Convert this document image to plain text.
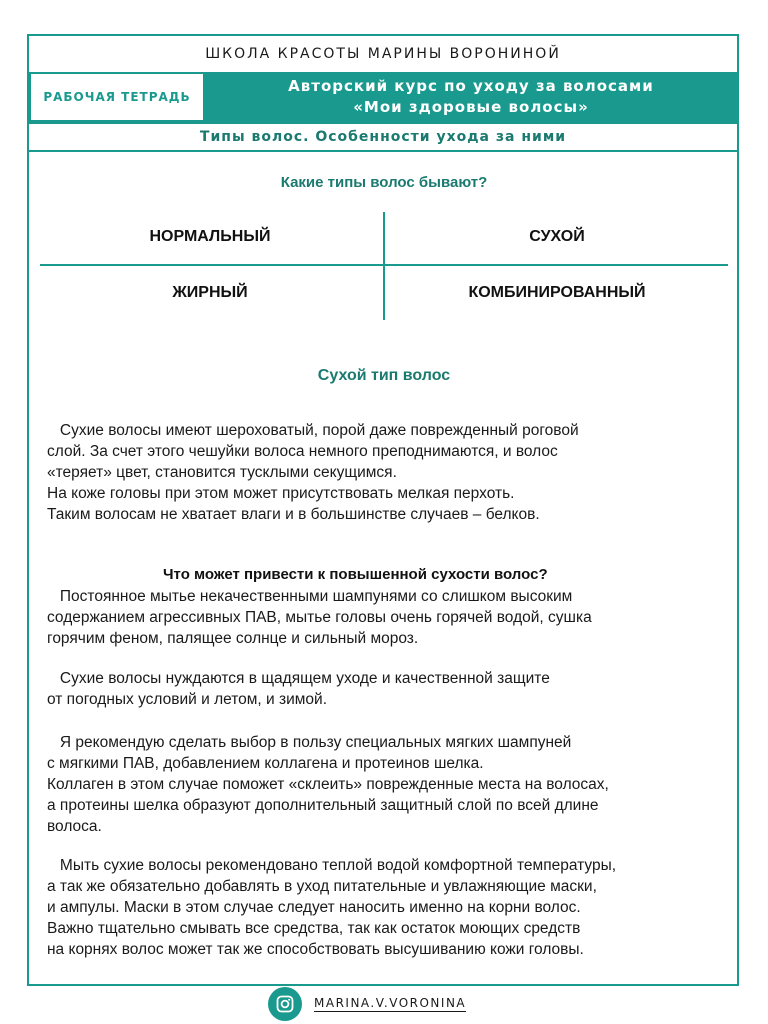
ШКОЛА КРАСОТЫ МАРИНЫ ВОРОНИНОЙ
РАБОЧАЯ ТЕТРАДЬ
Авторский курс по уходу за волосами
«Мои здоровые волосы»
Типы волос. Особенности ухода за ними
Какие типы волос бывают?
НОРМАЛЬНЫЙ	СУХОЙ
ЖИРНЫЙ	КОМБИНИРОВАННЫЙ
Сухой тип волос

Сухие волосы имеют шероховатый, порой даже поврежденный роговой

слой. За счет этого чешуйки волоса немного преподнимаются, и волос

«теряет» цвет, становится тусклыми секущимся.

На коже головы при этом может присутствовать мелкая перхоть.

Таким волосам не хватает влаги и в большинстве случаев – белков.

Что может привести к повышенной сухости волос?

Постоянное мытье некачественными шампунями со слишком высоким

содержанием агрессивных ПАВ, мытье головы очень горячей водой, сушка

горячим феном, палящее солнце и сильный мороз.

Сухие волосы нуждаются в щадящем уходе и качественной защите

от погодных условий и летом, и зимой.

Я рекомендую сделать выбор в пользу специальных мягких шампуней

с мягкими ПАВ, добавлением коллагена и протеинов шелка.

Коллаген в этом случае поможет «склеить» поврежденные места на волосах,

а протеины шелка образуют дополнительный защитный слой по всей длине

волоса.

Мыть сухие волосы рекомендовано теплой водой комфортной температуры,

а так же обязательно добавлять в уход питательные и увлажняющие маски,

и ампулы. Маски в этом случае следует наносить именно на корни волос.

Важно тщательно смывать все средства, так как остаток моющих средств

на корнях волос может так же способствовать высушиванию кожи головы.

MARINA.V.VORONINA
